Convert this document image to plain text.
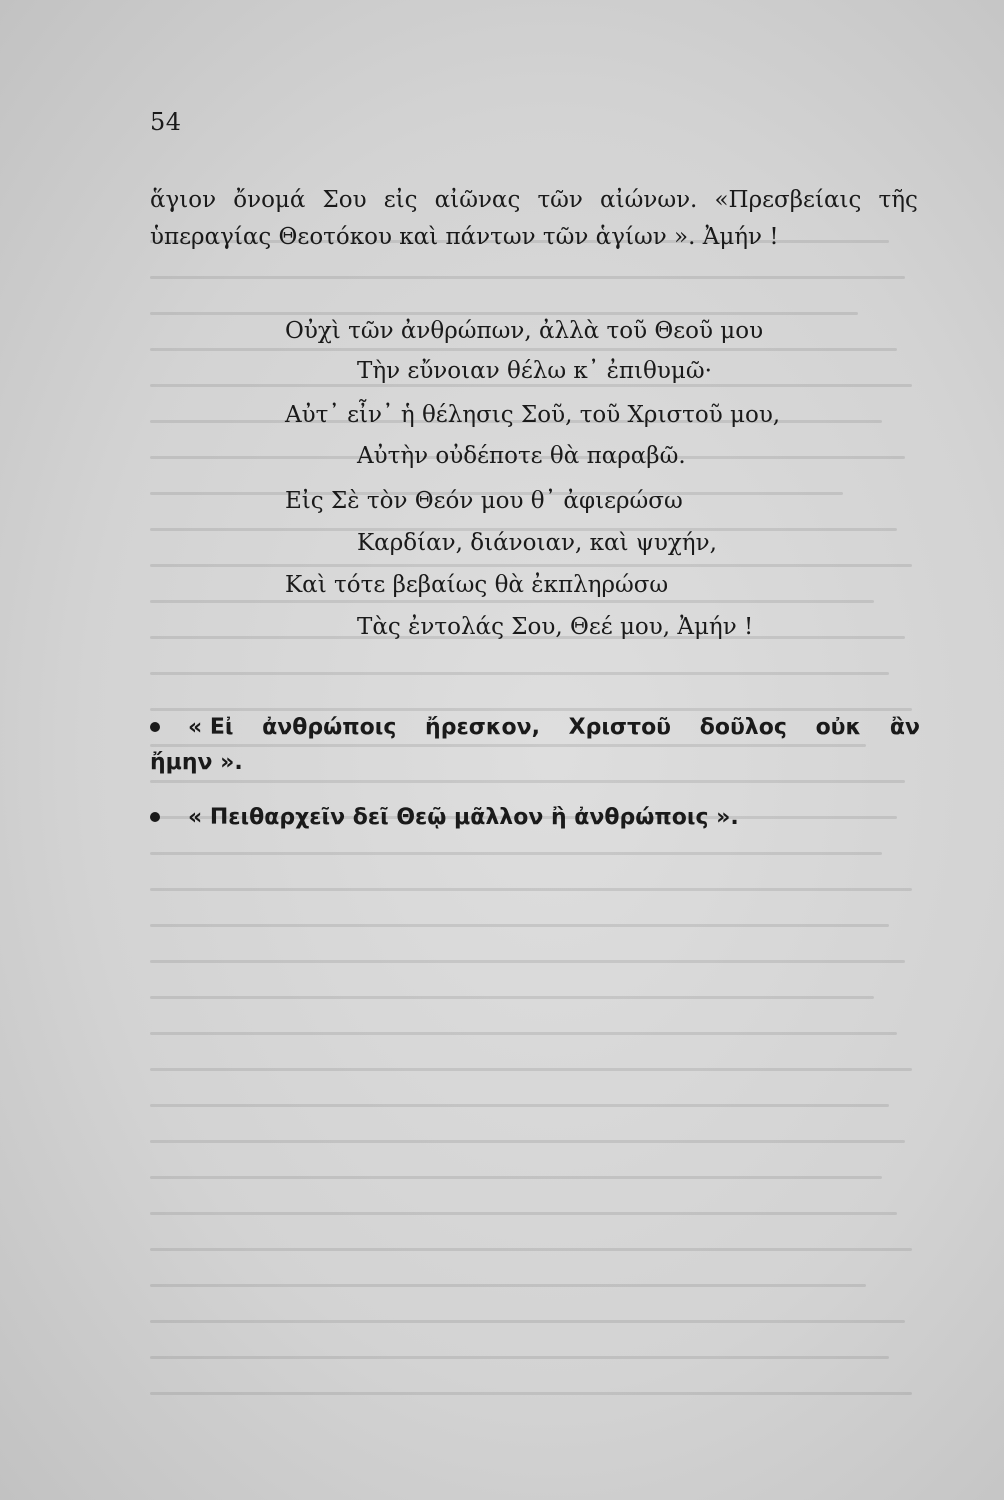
54
ἅγιον ὄνομά Σου εἰς αἰῶνας τῶν αἰώνων. «Πρεσβείαις τῆς
ὑπεραγίας Θεοτόκου καὶ πάντων τῶν ἁγίων ». Ἀμήν !
Οὐχὶ τῶν ἀνθρώπων, ἀλλὰ τοῦ Θεοῦ μου
Τὴν εὔνοιαν θέλω κ᾿ ἐπιθυμῶ·
Αὐτ᾿ εἶν᾿ ἡ θέλησις Σοῦ, τοῦ Χριστοῦ μου,
Αὐτὴν οὐδέποτε θὰ παραβῶ.
Εἰς Σὲ τὸν Θεόν μου θ᾿ ἀφιερώσω
Καρδίαν, διάνοιαν, καὶ ψυχήν,
Καὶ τότε βεβαίως θὰ ἐκπληρώσω
Τὰς ἐντολάς Σου, Θεέ μου, Ἀμήν !
« Εἰ ἀνθρώποις ἤρεσκον, Χριστοῦ δοῦλος οὐκ ἂν
ἤμην ».
« Πειθαρχεῖν δεῖ Θεῷ μᾶλλον ἢ ἀνθρώποις ».
